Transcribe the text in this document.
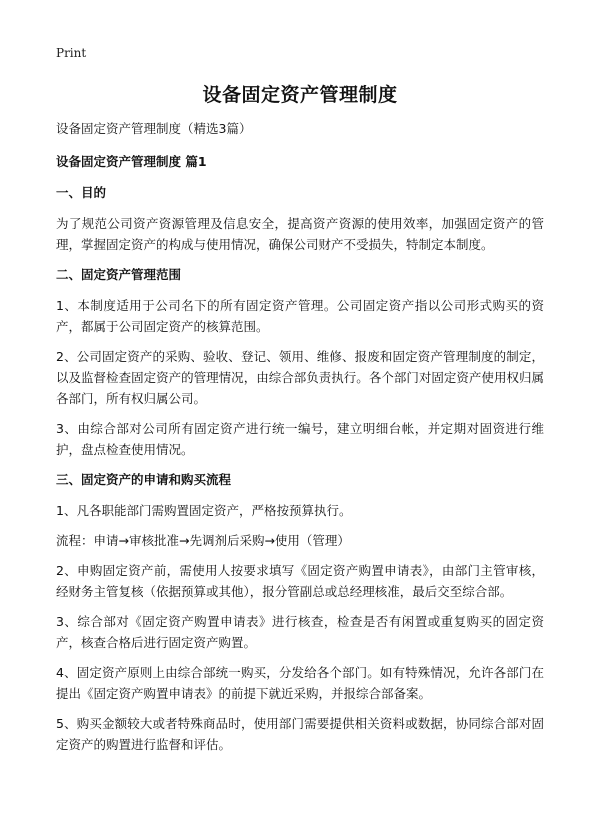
Print
设备固定资产管理制度

设备固定资产管理制度（精选3篇）

设备固定资产管理制度 篇1

一、目的

为了规范公司资产资源管理及信息安全，提高资产资源的使用效率，加强固定资产的管理，掌握固定资产的构成与使用情况，确保公司财产不受损失，特制定本制度。

二、固定资产管理范围

1、本制度适用于公司名下的所有固定资产管理。公司固定资产指以公司形式购买的资产，都属于公司固定资产的核算范围。

2、公司固定资产的采购、验收、登记、领用、维修、报废和固定资产管理制度的制定，以及监督检查固定资产的管理情况，由综合部负责执行。各个部门对固定资产使用权归属各部门，所有权归属公司。

3、由综合部对公司所有固定资产进行统一编号，建立明细台帐，并定期对固资进行维护，盘点检查使用情况。

三、固定资产的申请和购买流程

1、凡各职能部门需购置固定资产，严格按预算执行。

流程：申请→审核批准→先调剂后采购→使用（管理）

2、申购固定资产前，需使用人按要求填写《固定资产购置申请表》，由部门主管审核，经财务主管复核（依据预算或其他），报分管副总或总经理核准，最后交至综合部。

3、综合部对《固定资产购置申请表》进行核查，检查是否有闲置或重复购买的固定资产，核查合格后进行固定资产购置。

4、固定资产原则上由综合部统一购买，分发给各个部门。如有特殊情况，允许各部门在提出《固定资产购置申请表》的前提下就近采购，并报综合部备案。

5、购买金额较大或者特殊商品时，使用部门需要提供相关资料或数据，协同综合部对固定资产的购置进行监督和评估。
